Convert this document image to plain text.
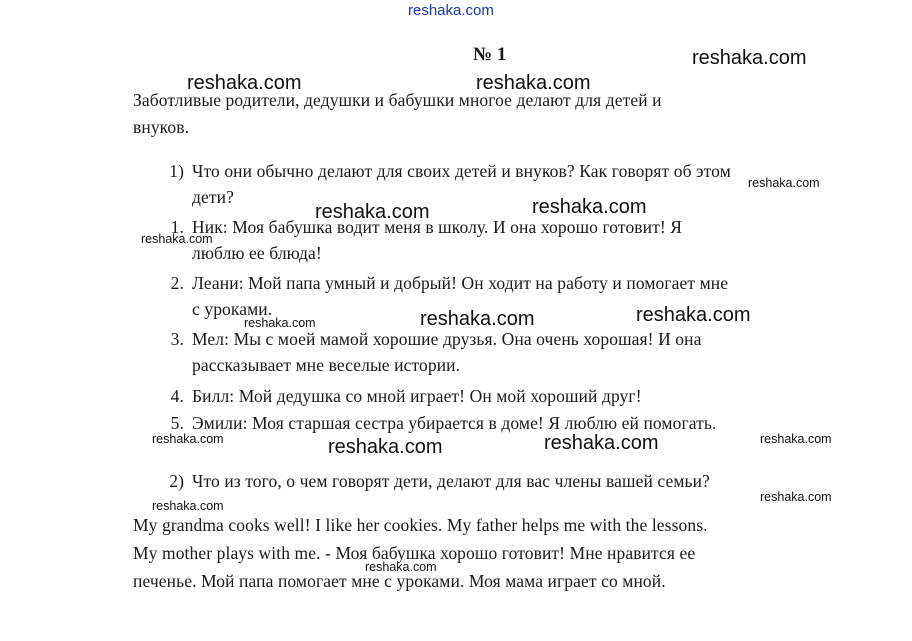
reshaka.com
№ 1
Заботливые родители, дедушки и бабушки многое делают для детей и
внуков.
1) Что они обычно делают для своих детей и внуков? Как говорят об этом
дети?
1. Ник: Моя бабушка водит меня в школу. И она хорошо готовит! Я
люблю ее блюда!
2. Леани: Мой папа умный и добрый! Он ходит на работу и помогает мне
с уроками.
3. Мел: Мы с моей мамой хорошие друзья. Она очень хорошая! И она
рассказывает мне веселые истории.
4. Билл: Мой дедушка со мной играет! Он мой хороший друг!
5. Эмили: Моя старшая сестра убирается в доме! Я люблю ей помогать.
2) Что из того, о чем говорят дети, делают для вас члены вашей семьи?
My grandma cooks well! I like her cookies. My father helps me with the lessons.
My mother plays with me. - Моя бабушка хорошо готовит! Мне нравится ее
печенье. Мой папа помогает мне с уроками. Моя мама играет со мной.
reshaka.com
reshaka.com	reshaka.com
reshaka.com	reshaka.com
reshaka.com	reshaka.com
reshaka.com	reshaka.com
reshaka.com
reshaka.com
reshaka.com
reshaka.com	reshaka.com
reshaka.com
reshaka.com
reshaka.com
